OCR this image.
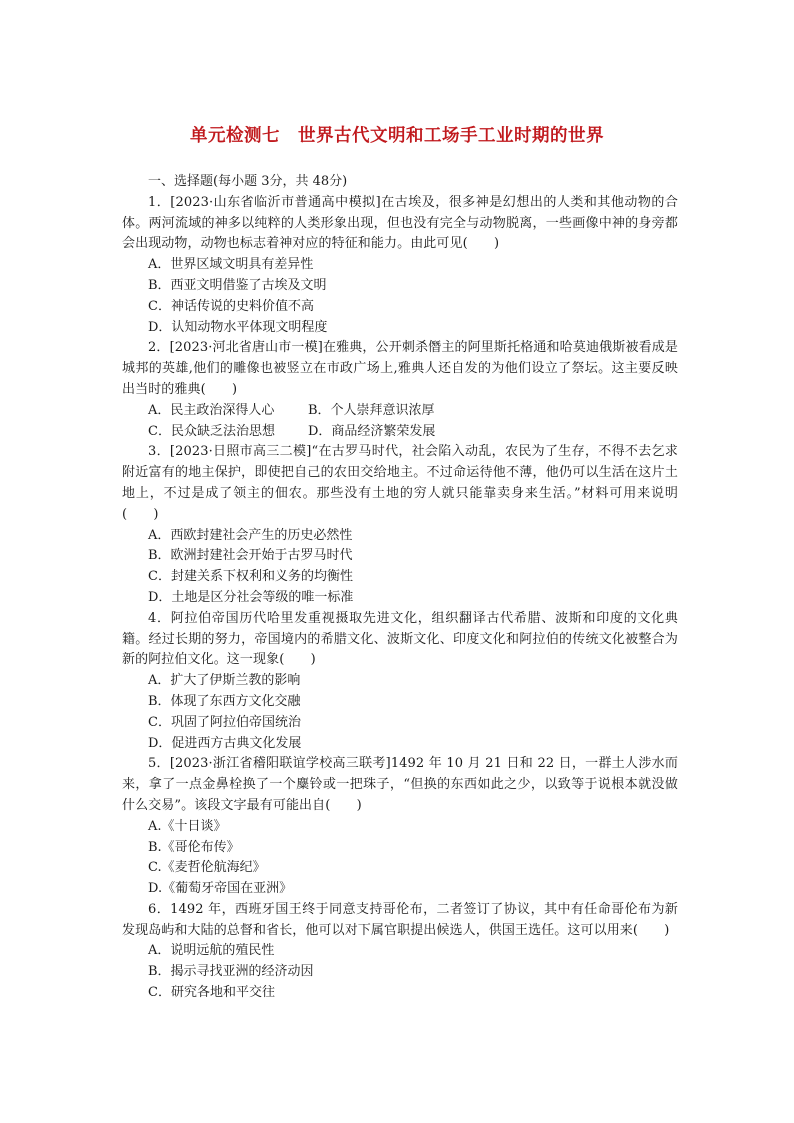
单元检测七　世界古代文明和工场手工业时期的世界
一、选择题(每小题 3分，共 48分)

1．[2023·山东省临沂市普通高中模拟]在古埃及，很多神是幻想出的人类和其他动物的合体。两河流域的神多以纯粹的人类形象出现，但也没有完全与动物脱离，一些画像中神的身旁都会出现动物，动物也标志着神对应的特征和能力。由此可见(　　)

A．世界区域文明具有差异性
B．西亚文明借鉴了古埃及文明
C．神话传说的史料价值不高
D．认知动物水平体现文明程度

2．[2023·河北省唐山市一模]在雅典，公开刺杀僭主的阿里斯托格通和哈莫迪俄斯被看成是城邦的英雄,他们的雕像也被竖立在市政广场上,雅典人还自发的为他们设立了祭坛。这主要反映出当时的雅典(　　)

A．民主政治深得人心	B．个人崇拜意识浓厚
C．民众缺乏法治思想	D．商品经济繁荣发展

3．[2023·日照市高三二模]“在古罗马时代，社会陷入动乱，农民为了生存，不得不去乞求附近富有的地主保护，即使把自己的农田交给地主。不过命运待他不薄，他仍可以生活在这片土地上，不过是成了领主的佃农。那些没有土地的穷人就只能靠卖身来生活。”材料可用来说明(　　)

A．西欧封建社会产生的历史必然性
B．欧洲封建社会开始于古罗马时代
C．封建关系下权利和义务的均衡性
D．土地是区分社会等级的唯一标准

4．阿拉伯帝国历代哈里发重视摄取先进文化，组织翻译古代希腊、波斯和印度的文化典籍。经过长期的努力，帝国境内的希腊文化、波斯文化、印度文化和阿拉伯的传统文化被整合为新的阿拉伯文化。这一现象(　　)

A．扩大了伊斯兰教的影响
B．体现了东西方文化交融
C．巩固了阿拉伯帝国统治
D．促进西方古典文化发展

5．[2023·浙江省稽阳联谊学校高三联考]1492 年 10 月 21 日和 22 日，一群土人涉水而来，拿了一点金鼻栓换了一个麋铃或一把珠子，“但换的东西如此之少，以致等于说根本就没做什么交易”。该段文字最有可能出自(　　)

A.《十日谈》
B.《哥伦布传》
C.《麦哲伦航海纪》
D.《葡萄牙帝国在亚洲》

6．1492 年，西班牙国王终于同意支持哥伦布，二者签订了协议，其中有任命哥伦布为新发现岛屿和大陆的总督和省长，他可以对下属官职提出候选人，供国王选任。这可以用来(　　)

A．说明远航的殖民性
B．揭示寻找亚洲的经济动因
C．研究各地和平交往
